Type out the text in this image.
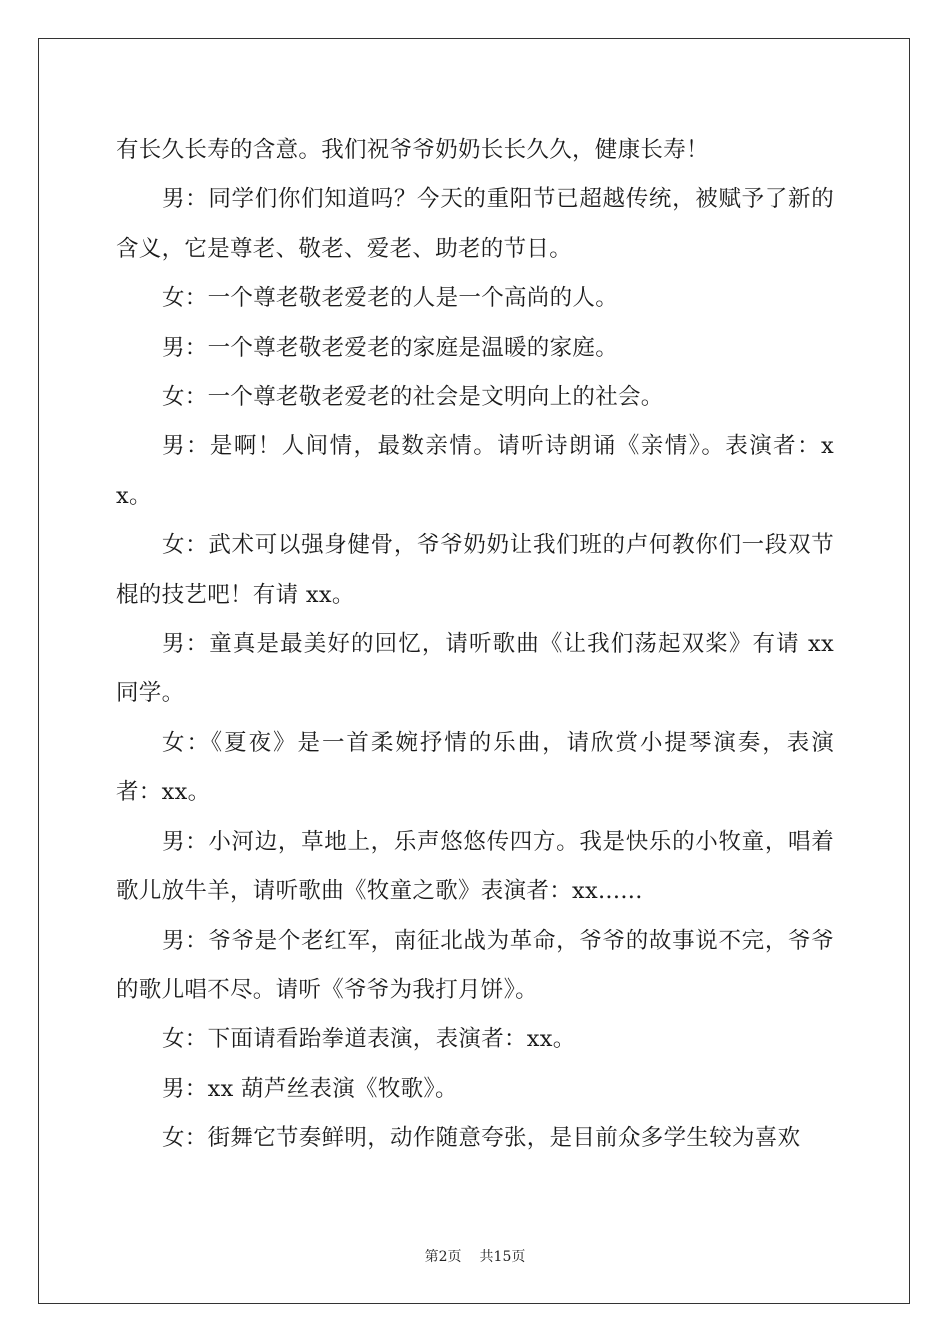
有长久长寿的含意。我们祝爷爷奶奶长长久久，健康长寿！

男：同学们你们知道吗？今天的重阳节已超越传统，被赋予了新的含义，它是尊老、敬老、爱老、助老的节日。

女：一个尊老敬老爱老的人是一个高尚的人。

男：一个尊老敬老爱老的家庭是温暖的家庭。

女：一个尊老敬老爱老的社会是文明向上的社会。

男：是啊！人间情，最数亲情。请听诗朗诵《亲情》。表演者：xx。

女：武术可以强身健骨，爷爷奶奶让我们班的卢何教你们一段双节棍的技艺吧！有请 xx。

男：童真是最美好的回忆，请听歌曲《让我们荡起双桨》有请 xx 同学。

女：《夏夜》是一首柔婉抒情的乐曲，请欣赏小提琴演奏，表演者：xx。

男：小河边，草地上，乐声悠悠传四方。我是快乐的小牧童，唱着歌儿放牛羊，请听歌曲《牧童之歌》表演者：xx......

男：爷爷是个老红军，南征北战为革命，爷爷的故事说不完，爷爷的歌儿唱不尽。请听《爷爷为我打月饼》。

女：下面请看跆拳道表演，表演者：xx。

男：xx 葫芦丝表演《牧歌》。

女：街舞它节奏鲜明，动作随意夸张，是目前众多学生较为喜欢

第2页 共15页
